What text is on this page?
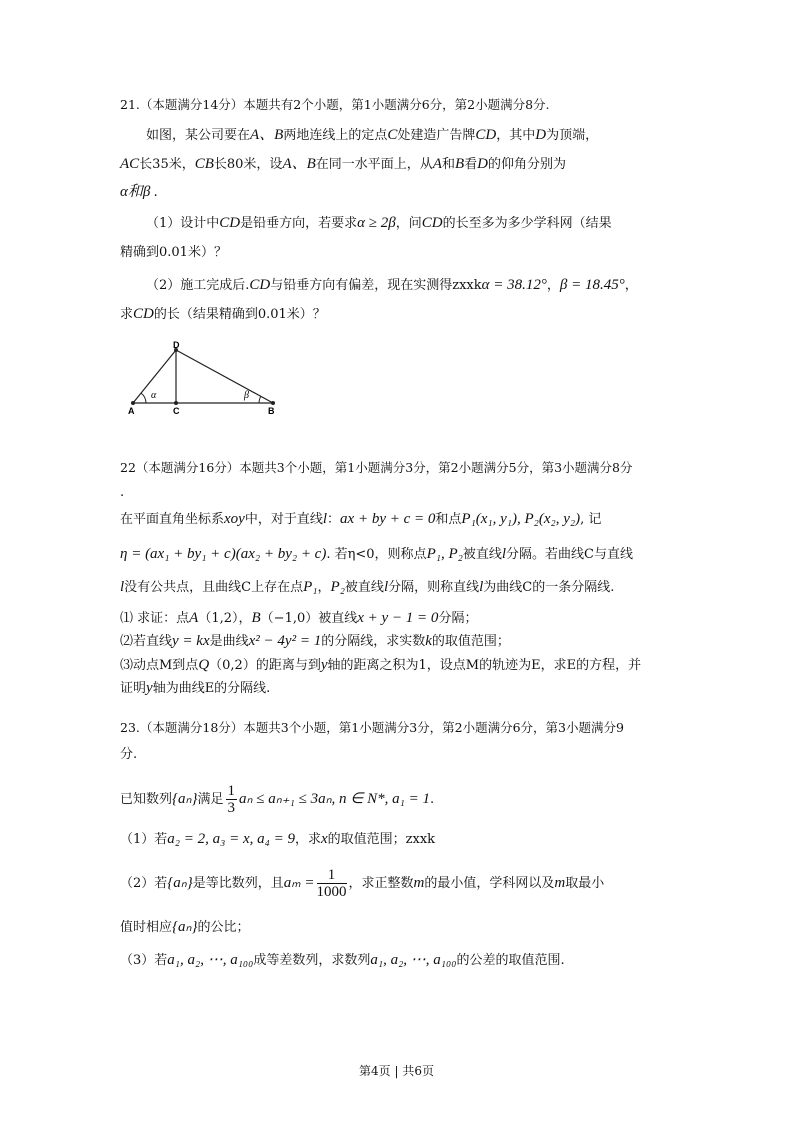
21.（本题满分14分）本题共有2个小题，第1小题满分6分，第2小题满分8分.
如图，某公司要在A、B两地连线上的定点C处建造广告牌CD，其中D为顶端，
AC长35米，CB长80米，设A、B在同一水平面上，从A和B看D的仰角分别为
α和β .
（1）设计中CD是铅垂方向，若要求α ≥ 2β，问CD的长至多为多少学科网（结果
精确到0.01米）？
（2）施工完成后.CD与铅垂方向有偏差，现在实测得zxxkα = 38.12°，β = 18.45°，
求CD的长（结果精确到0.01米）？
A	C
D
B
α	β
22（本题满分16分）本题共3个小题，第1小题满分3分，第2小题满分5分，第3小题满分8分
.
在平面直角坐标系xoy中，对于直线l：ax + by + c = 0和点P₁(x₁, y₁), P₂(x₂, y₂), 记
η = (ax₁ + by₁ + c)(ax₂ + by₂ + c). 若η<0，则称点P₁, P₂被直线l分隔。若曲线C与直线
l没有公共点，且曲线C上存在点P₁，P₂被直线l分隔，则称直线l为曲线C的一条分隔线.
⑴ 求证：点A（1,2），B（−1,0）被直线x + y − 1 = 0分隔；
⑵若直线y = kx是曲线x² − 4y² = 1的分隔线，求实数k的取值范围；
⑶动点M到点Q（0,2）的距离与到y轴的距离之积为1，设点M的轨迹为E，求E的方程，并
证明y轴为曲线E的分隔线.
23.（本题满分18分）本题共3个小题，第1小题满分3分，第2小题满分6分，第3小题满分9
分.
已知数列{aₙ}满足 $\frac{1}{3}$ aₙ ≤ aₙ₊₁ ≤ 3aₙ, n ∈ N*, a₁ = 1.
（1）若a₂ = 2, a₃ = x, a₄ = 9，求x的取值范围；zxxk
（2）若{aₙ}是等比数列，且$a_m = \frac{1}{1000}$ ，求正整数m的最小值，学科网以及m取最小
值时相应{aₙ}的公比；
（3）若a₁, a₂, ⋯, a₁₀₀成等差数列，求数列a₁, a₂, ⋯, a₁₀₀的公差的取值范围.
第4页 | 共6页
